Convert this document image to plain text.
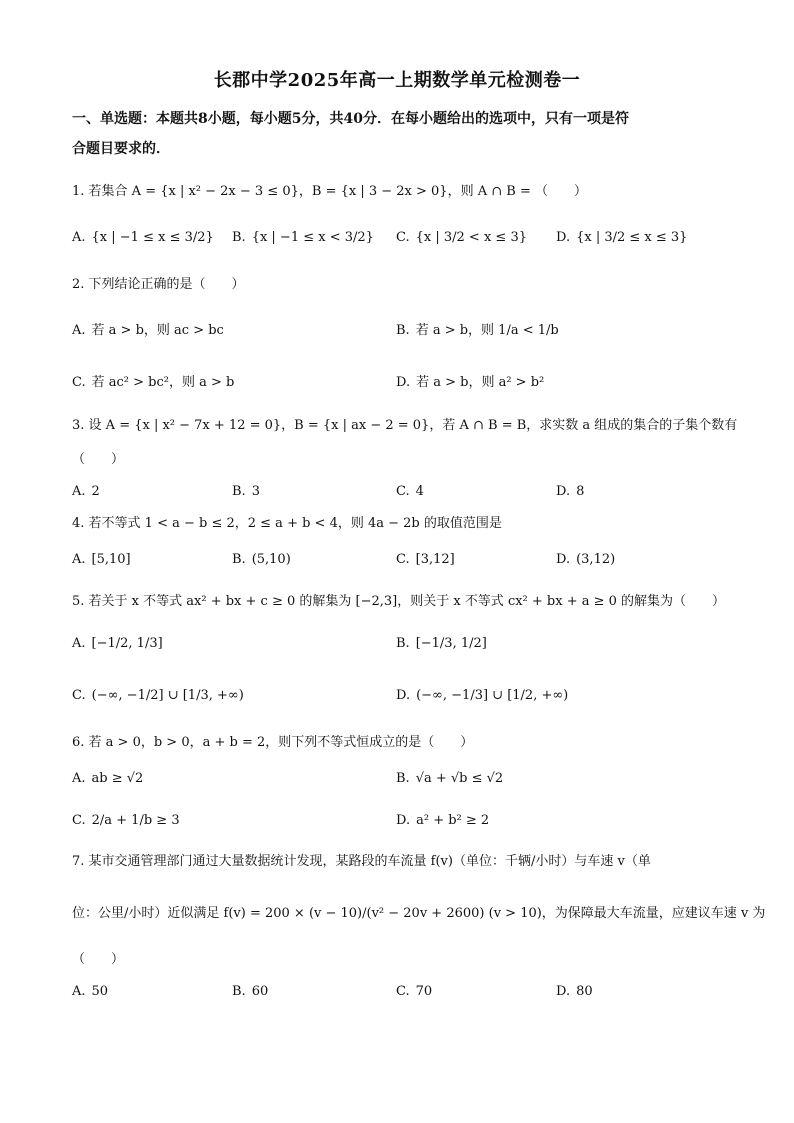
长郡中学2025年高一上期数学单元检测卷一
一、单选题：本题共8小题，每小题5分，共40分．在每小题给出的选项中，只有一项是符
合题目要求的．
1. 若集合 A = {x | x² − 2x − 3 ≤ 0}，B = {x | 3 − 2x > 0}，则 A ∩ B = （　　）
A. {x | −1 ≤ x ≤ 3/2} B. {x | −1 ≤ x < 3/2} C. {x | 3/2 < x ≤ 3} D. {x | 3/2 ≤ x ≤ 3}
2. 下列结论正确的是（　　）
A. 若 a > b，则 ac > bc	B. 若 a > b，则 1/a < 1/b
C. 若 ac² > bc²，则 a > b	D. 若 a > b，则 a² > b²
3. 设 A = {x | x² − 7x + 12 = 0}，B = {x | ax − 2 = 0}，若 A ∩ B = B，求实数 a 组成的集合的子集个数有
（　　）
A. 2	B. 3	C. 4	D. 8
4. 若不等式 1 < a − b ≤ 2，2 ≤ a + b < 4，则 4a − 2b 的取值范围是
A. [5,10]	B. (5,10)	C. [3,12]	D. (3,12)
5. 若关于 x 不等式 ax² + bx + c ≥ 0 的解集为 [−2,3]，则关于 x 不等式 cx² + bx + a ≥ 0 的解集为（　　）
A. [−1/2, 1/3]	B. [−1/3, 1/2]
C. (−∞, −1/2] ∪ [1/3, +∞)	D. (−∞, −1/3] ∪ [1/2, +∞)
6. 若 a > 0，b > 0，a + b = 2，则下列不等式恒成立的是（　　）
A. ab ≥ √2	B. √a + √b ≤ √2
C. 2/a + 1/b ≥ 3	D. a² + b² ≥ 2
7. 某市交通管理部门通过大量数据统计发现，某路段的车流量 f(v)（单位：千辆/小时）与车速 v（单
位：公里/小时）近似满足 f(v) = 200 × (v − 10)/(v² − 20v + 2600) (v > 10)，为保障最大车流量，应建议车速 v 为
（　　）
A. 50	B. 60	C. 70	D. 80
